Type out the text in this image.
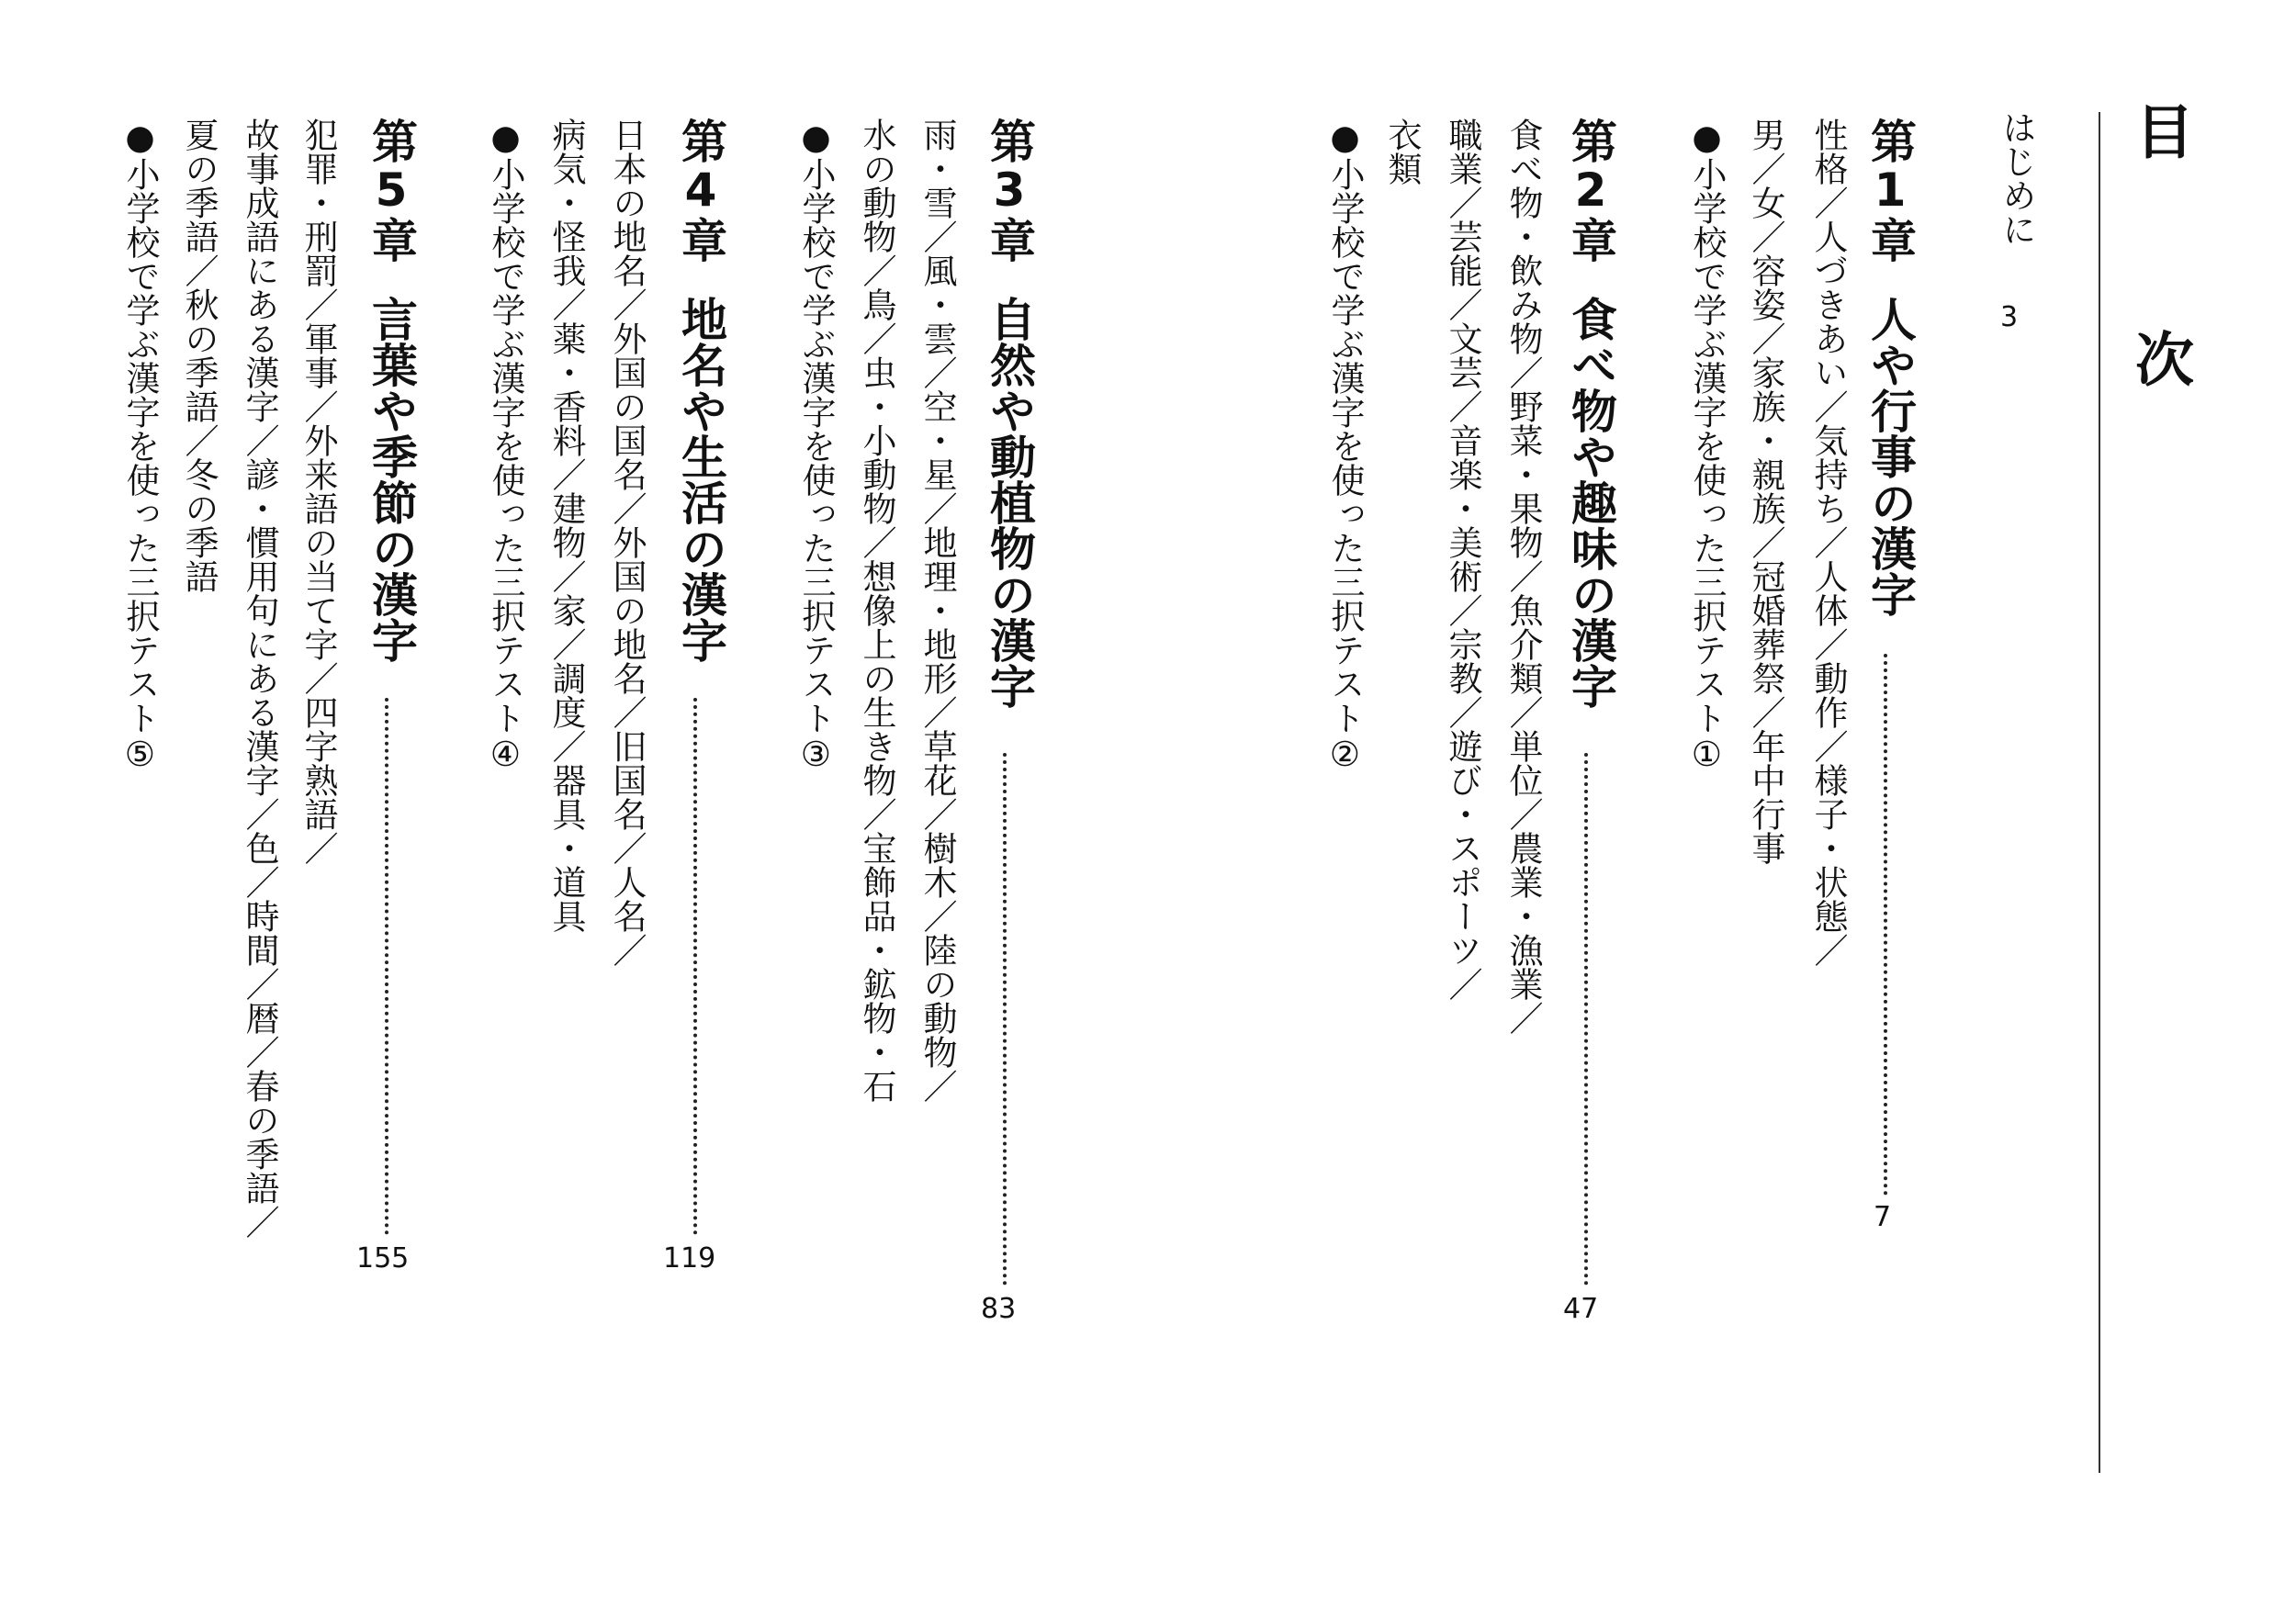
目　次
はじめに
3
第1章人や行事の漢字
7
性格／人づきあい／気持ち／人体／動作／様子・状態／
男／女／容姿／家族・親族／冠婚葬祭／年中行事
●小学校で学ぶ漢字を使った三択テスト①
第2章食べ物や趣味の漢字
47
食べ物・飲み物／野菜・果物／魚介類／単位／農業・漁業／
職業／芸能／文芸／音楽・美術／宗教／遊び・スポーツ／
衣類
●小学校で学ぶ漢字を使った三択テスト②
第3章自然や動植物の漢字
83
雨・雪／風・雲／空・星／地理・地形／草花／樹木／陸の動物／
水の動物／鳥／虫・小動物／想像上の生き物／宝飾品・鉱物・石
●小学校で学ぶ漢字を使った三択テスト③
第4章地名や生活の漢字
119
日本の地名／外国の国名／外国の地名／旧国名／人名／
病気・怪我／薬・香料／建物／家／調度／器具・道具
●小学校で学ぶ漢字を使った三択テスト④
第5章言葉や季節の漢字
155
犯罪・刑罰／軍事／外来語の当て字／四字熟語／
故事成語にある漢字／諺・慣用句にある漢字／色／時間／暦／春の季語／
夏の季語／秋の季語／冬の季語
●小学校で学ぶ漢字を使った三択テスト⑤
